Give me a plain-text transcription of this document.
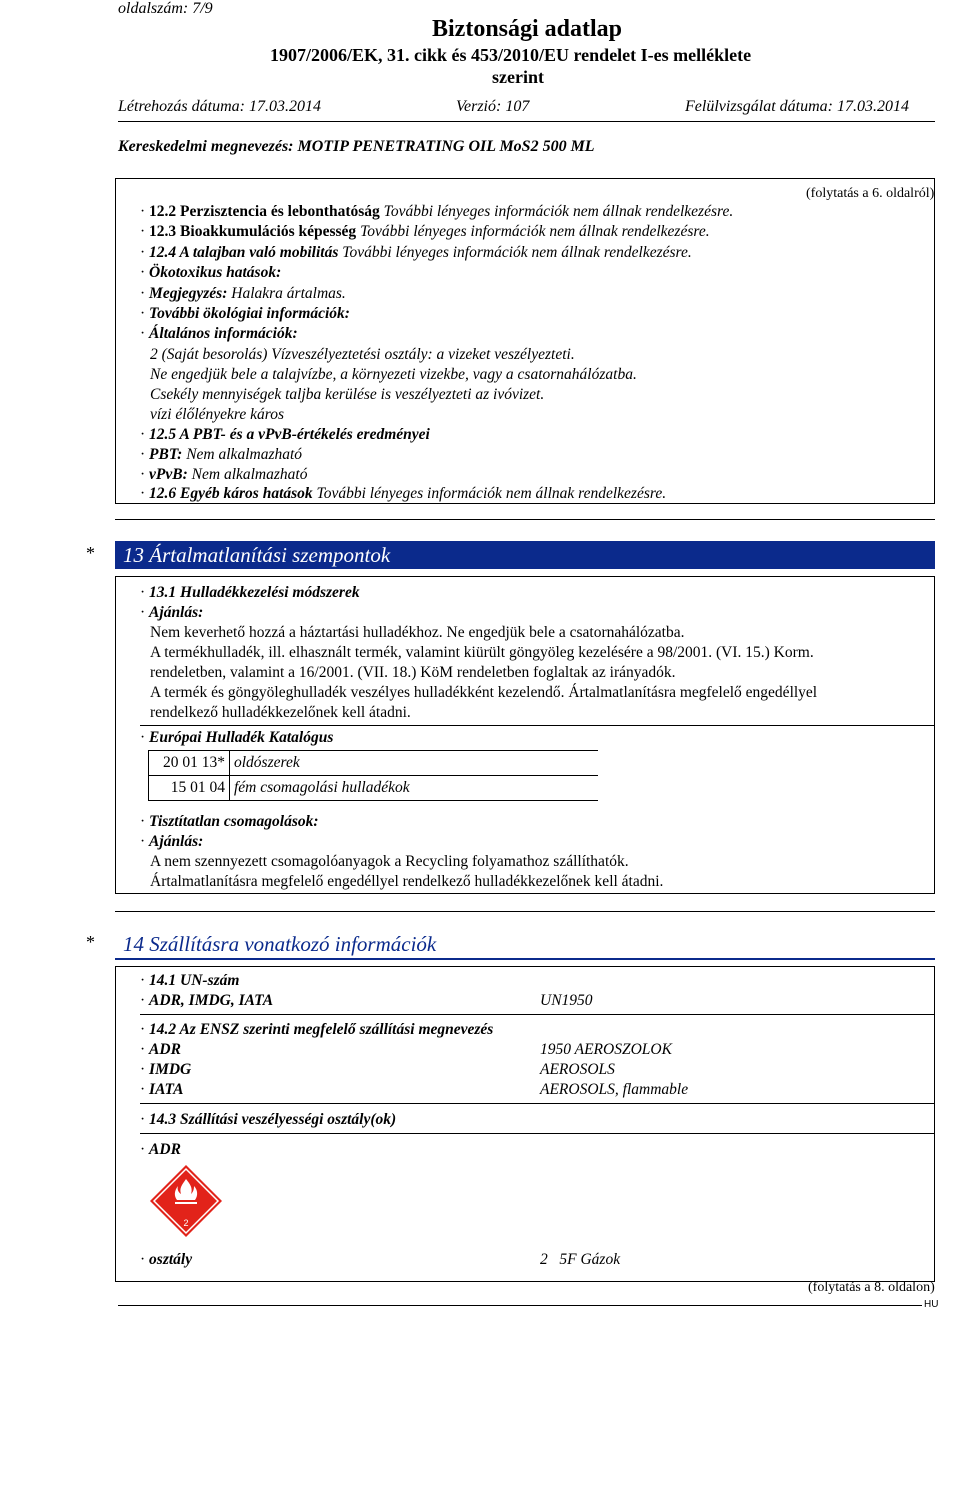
oldalszám: 7/9
Biztonsági adatlap
1907/2006/EK, 31. cikk és 453/2010/EU rendelet I-es melléklete
szerint
Létrehozás dátuma: 17.03.2014	Verzió: 107	Felülvizsgálat dátuma: 17.03.2014
Kereskedelmi megnevezés: MOTIP PENETRATING OIL MoS2 500 ML
(folytatás a 6. oldalról)
· 12.2 Perzisztencia és lebonthatóság További lényeges információk nem állnak rendelkezésre.
· 12.3 Bioakkumulációs képesség További lényeges információk nem állnak rendelkezésre.
· 12.4 A talajban való mobilitás További lényeges információk nem állnak rendelkezésre.
· Ökotoxikus hatások:
· Megjegyzés: Halakra ártalmas.
· További ökológiai információk:
· Általános információk:
2 (Saját besorolás) Vízveszélyeztetési osztály: a vizeket veszélyezteti.
Ne engedjük bele a talajvízbe, a környezeti vizekbe, vagy a csatornahálózatba.
Csekély mennyiségek taljba kerülése is veszélyezteti az ivóvizet.
vízi élőlényekre káros
· 12.5 A PBT- és a vPvB-értékelés eredményei
· PBT: Nem alkalmazható
· vPvB: Nem alkalmazható
· 12.6 Egyéb káros hatások További lényeges információk nem állnak rendelkezésre.
*	13 Ártalmatlanítási szempontok
· 13.1 Hulladékkezelési módszerek
· Ajánlás:
Nem keverhető hozzá a háztartási hulladékhoz. Ne engedjük bele a csatornahálózatba.
A termékhulladék, ill. elhasznált termék, valamint kiürült göngyöleg kezelésére a 98/2001. (VI. 15.) Korm.
rendeletben, valamint a 16/2001. (VII. 18.) KöM rendeletben foglaltak az irányadók.
A termék és göngyöleghulladék veszélyes hulladékként kezelendő. Ártalmatlanításra megfelelő engedéllyel
rendelkező hulladékkezelőnek kell átadni.
· Európai Hulladék Katalógus
20 01 13*	oldószerek
15 01 04	fém csomagolási hulladékok
· Tisztítatlan csomagolások:
· Ajánlás:
A nem szennyezett csomagolóanyagok a Recycling folyamathoz szállíthatók.
Ártalmatlanításra megfelelő engedéllyel rendelkező hulladékkezelőnek kell átadni.
*	14 Szállításra vonatkozó információk
· 14.1 UN-szám
· ADR, IMDG, IATA	UN1950
· 14.2 Az ENSZ szerinti megfelelő szállítási megnevezés
· ADR	1950 AEROSZOLOK
· IMDG	AEROSOLS
· IATA	AEROSOLS, flammable
· 14.3 Szállítási veszélyességi osztály(ok)
· ADR
2
· osztály	2   5F Gázok
(folytatás a 8. oldalon)
HU
